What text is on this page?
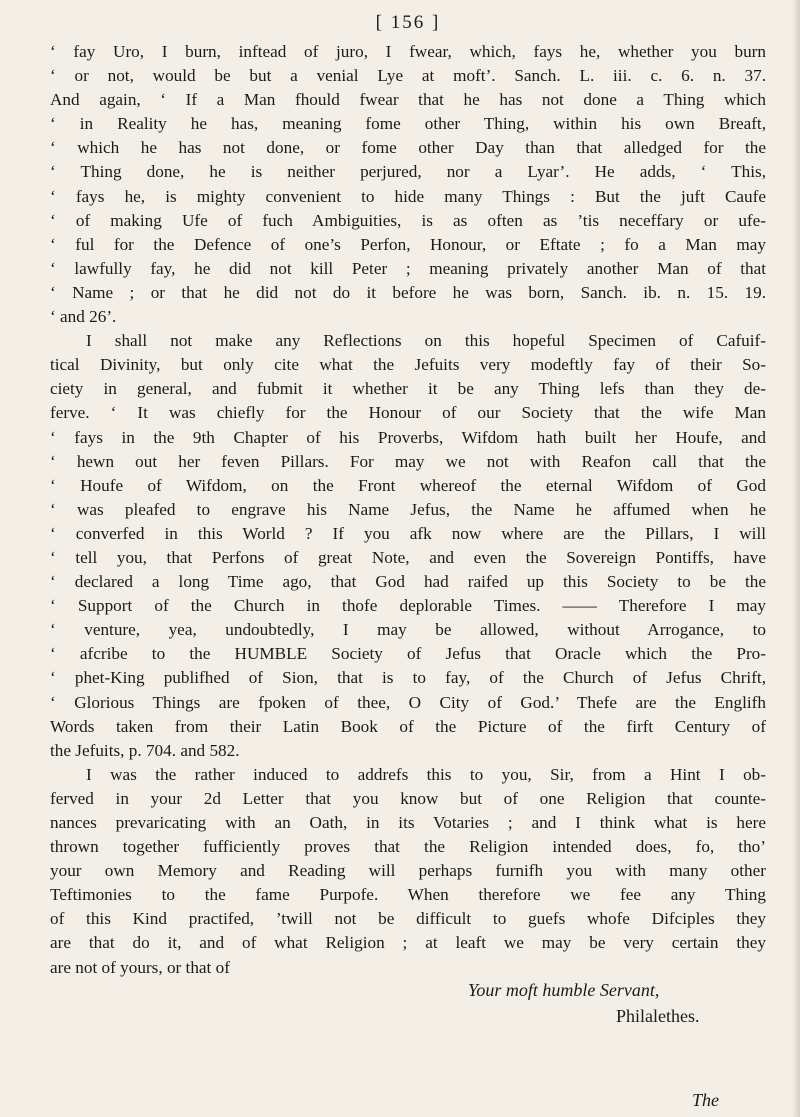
[ 156 ]
‘ fay Uro, I burn, inftead of juro, I fwear, which, fays he, whether you burn
‘ or not, would be but a venial Lye at moft’. Sanch. L. iii. c. 6. n. 37.
And again, ‘ If a Man fhould fwear that he has not done a Thing which
‘ in Reality he has, meaning fome other Thing, within his own Breaft,
‘ which he has not done, or fome other Day than that alledged for the
‘ Thing done, he is neither perjured, nor a Lyar’. He adds, ‘ This,
‘ fays he, is mighty convenient to hide many Things : But the juft Caufe
‘ of making Ufe of fuch Ambiguities, is as often as ’tis neceffary or ufe-
‘ ful for the Defence of one’s Perfon, Honour, or Eftate ; fo a Man may
‘ lawfully fay, he did not kill Peter ; meaning privately another Man of that
‘ Name ; or that he did not do it before he was born, Sanch. ib. n. 15. 19.
‘ and 26’.
I shall not make any Reflections on this hopeful Specimen of Cafuif-
tical Divinity, but only cite what the Jefuits very modeftly fay of their So-
ciety in general, and fubmit it whether it be any Thing lefs than they de-
ferve. ‘ It was chiefly for the Honour of our Society that the wife Man
‘ fays in the 9th Chapter of his Proverbs, Wifdom hath built her Houfe, and
‘ hewn out her feven Pillars. For may we not with Reafon call that the
‘ Houfe of Wifdom, on the Front whereof the eternal Wifdom of God
‘ was pleafed to engrave his Name Jefus, the Name he affumed when he
‘ converfed in this World ? If you afk now where are the Pillars, I will
‘ tell you, that Perfons of great Note, and even the Sovereign Pontiffs, have
‘ declared a long Time ago, that God had raifed up this Society to be the
‘ Support of the Church in thofe deplorable Times. —— Therefore I may
‘ venture, yea, undoubtedly, I may be allowed, without Arrogance, to
‘ afcribe to the HUMBLE Society of Jefus that Oracle which the Pro-
‘ phet-King publifhed of Sion, that is to fay, of the Church of Jefus Chrift,
‘ Glorious Things are fpoken of thee, O City of God.’ Thefe are the Englifh
Words taken from their Latin Book of the Picture of the firft Century of
the Jefuits, p. 704. and 582.
I was the rather induced to addrefs this to you, Sir, from a Hint I ob-
ferved in your 2d Letter that you know but of one Religion that counte-
nances prevaricating with an Oath, in its Votaries ; and I think what is here
thrown together fufficiently proves that the Religion intended does, fo, tho’
your own Memory and Reading will perhaps furnifh you with many other
Teftimonies to the fame Purpofe. When therefore we fee any Thing
of this Kind practifed, ’twill not be difficult to guefs whofe Difciples they
are that do it, and of what Religion ; at leaft we may be very certain they
are not of yours, or that of
Your moft humble Servant,
Philalethes.
The
